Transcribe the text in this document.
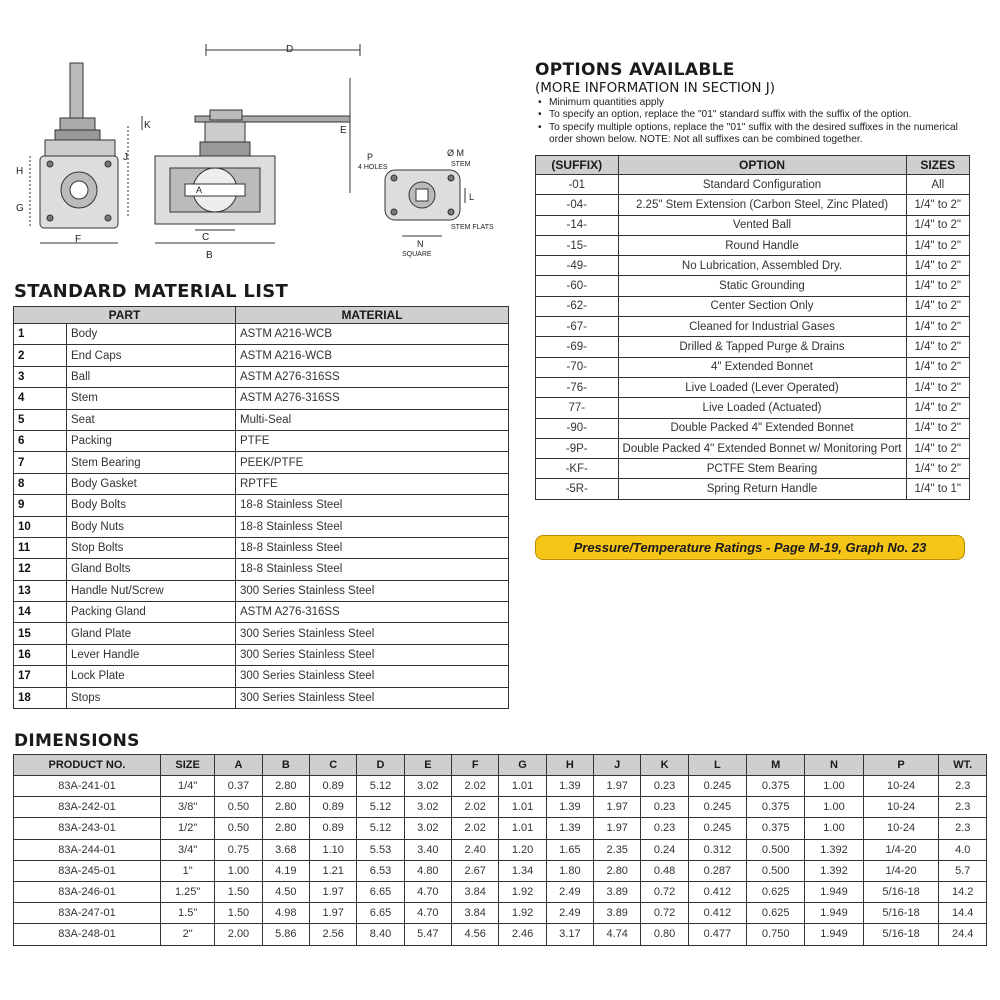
H
G
F
D
E
K
J
A
C
B
P
4 HOLES
Ø M
STEM
L
STEM FLATS
N
SQUARE
STANDARD MATERIAL LIST
PART		MATERIAL
1	Body	ASTM A216-WCB
2	End Caps	ASTM A216-WCB
3	Ball	ASTM A276-316SS
4	Stem	ASTM A276-316SS
5	Seat	Multi-Seal
6	Packing	PTFE
7	Stem Bearing	PEEK/PTFE
8	Body Gasket	RPTFE
9	Body Bolts	18-8 Stainless Steel
10	Body Nuts	18-8 Stainless Steel
11	Stop Bolts	18-8 Stainless Steel
12	Gland Bolts	18-8 Stainless Steel
13	Handle Nut/Screw	300 Series Stainless Steel
14	Packing Gland	ASTM A276-316SS
15	Gland Plate	300 Series Stainless Steel
16	Lever Handle	300 Series Stainless Steel
17	Lock Plate	300 Series Stainless Steel
18	Stops	300 Series Stainless Steel
OPTIONS AVAILABLE
(MORE INFORMATION IN SECTION J)
• Minimum quantities apply
• To specify an option, replace the "01" standard suffix with the suffix of the option.
• To specify multiple options, replace the "01" suffix with the desired suffixes in the numerical order shown below. NOTE: Not all suffixes can be combined together.
(SUFFIX)	OPTION	SIZES
-01	Standard Configuration	All
-04-	2.25" Stem Extension (Carbon Steel, Zinc Plated)	1/4" to 2"
-14-	Vented Ball	1/4" to 2"
-15-	Round Handle	1/4" to 2"
-49-	No Lubrication, Assembled Dry.	1/4" to 2"
-60-	Static Grounding	1/4" to 2"
-62-	Center Section Only	1/4" to 2"
-67-	Cleaned for Industrial Gases	1/4" to 2"
-69-	Drilled & Tapped Purge & Drains	1/4" to 2"
-70-	4" Extended Bonnet	1/4" to 2"
-76-	Live Loaded (Lever Operated)	1/4" to 2"
77-	Live Loaded (Actuated)	1/4" to 2"
-90-	Double Packed 4" Extended Bonnet	1/4" to 2"
-9P-	Double Packed 4" Extended Bonnet w/ Monitoring Port	1/4" to 2"
-KF-	PCTFE Stem Bearing	1/4" to 2"
-5R-	Spring Return Handle	1/4" to 1"
Pressure/Temperature Ratings - Page M-19, Graph No. 23
DIMENSIONS
PRODUCT NO.	SIZE	A	B	C	D	E	F	G	H	J	K	L	M	N	P	WT.
83A-241-01	1/4"	0.37	2.80	0.89	5.12	3.02	2.02	1.01	1.39	1.97	0.23	0.245	0.375	1.00	10-24	2.3
83A-242-01	3/8"	0.50	2.80	0.89	5.12	3.02	2.02	1.01	1.39	1.97	0.23	0.245	0.375	1.00	10-24	2.3
83A-243-01	1/2"	0.50	2.80	0.89	5.12	3.02	2.02	1.01	1.39	1.97	0.23	0.245	0.375	1.00	10-24	2.3
83A-244-01	3/4"	0.75	3.68	1.10	5.53	3.40	2.40	1.20	1.65	2.35	0.24	0.312	0.500	1.392	1/4-20	4.0
83A-245-01	1"	1.00	4.19	1.21	6.53	4.80	2.67	1.34	1.80	2.80	0.48	0.287	0.500	1.392	1/4-20	5.7
83A-246-01	1.25"	1.50	4.50	1.97	6.65	4.70	3.84	1.92	2.49	3.89	0.72	0.412	0.625	1.949	5/16-18	14.2
83A-247-01	1.5"	1.50	4.98	1.97	6.65	4.70	3.84	1.92	2.49	3.89	0.72	0.412	0.625	1.949	5/16-18	14.4
83A-248-01	2"	2.00	5.86	2.56	8.40	5.47	4.56	2.46	3.17	4.74	0.80	0.477	0.750	1.949	5/16-18	24.4
